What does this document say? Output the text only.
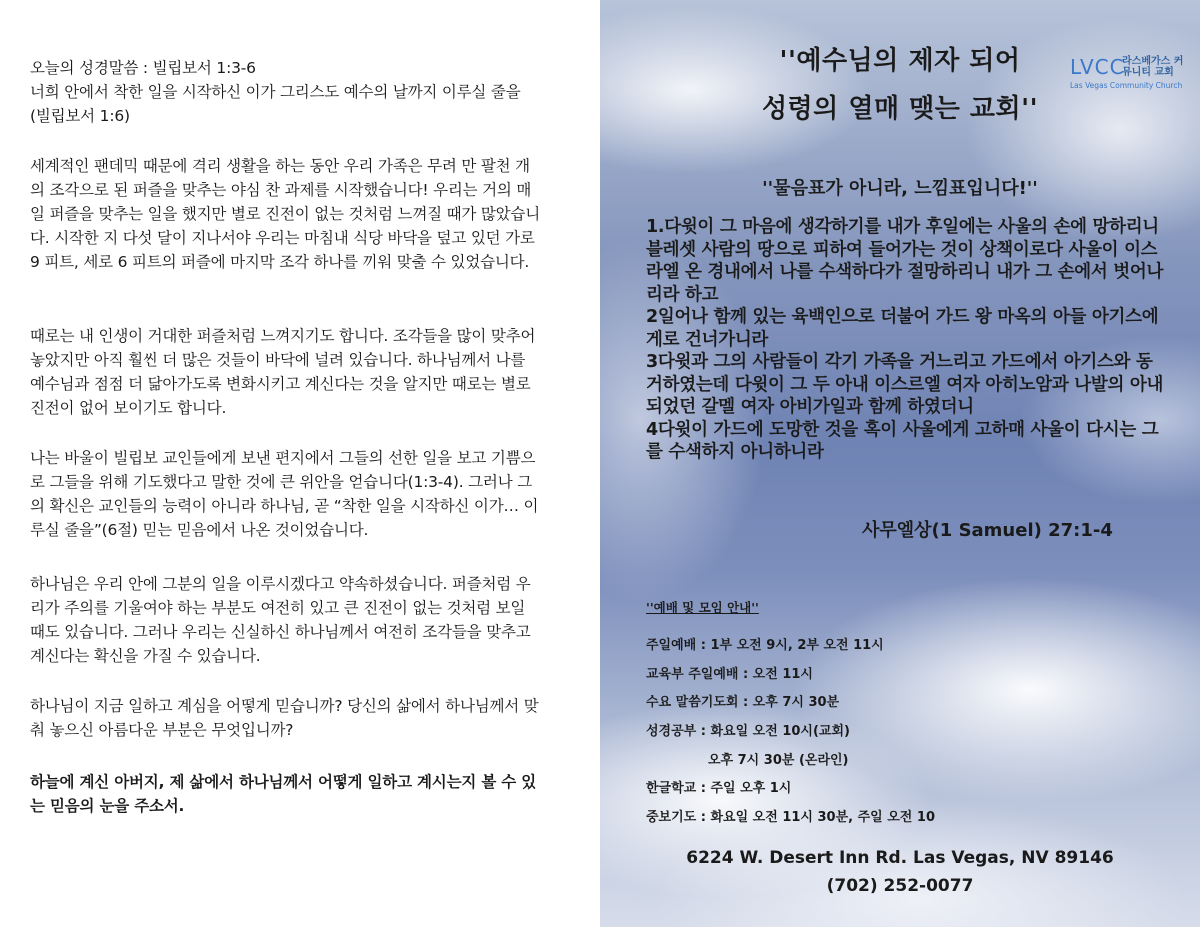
오늘의 성경말씀 : 빌립보서 1:3-6

너희 안에서 착한 일을 시작하신 이가 그리스도 예수의 날까지 이루실 줄을 (빌립보서 1:6)

세계적인 팬데믹 때문에 격리 생활을 하는 동안 우리 가족은 무려 만 팔천 개의 조각으로 된 퍼즐을 맞추는 야심 찬 과제를 시작했습니다! 우리는 거의 매일 퍼즐을 맞추는 일을 했지만 별로 진전이 없는 것처럼 느껴질 때가 많았습니다. 시작한 지 다섯 달이 지나서야 우리는 마침내 식당 바닥을 덮고 있던 가로 9 피트, 세로 6 피트의 퍼즐에 마지막 조각 하나를 끼워 맞출 수 있었습니다.

때로는 내 인생이 거대한 퍼즐처럼 느껴지기도 합니다. 조각들을 많이 맞추어 놓았지만 아직 훨씬 더 많은 것들이 바닥에 널려 있습니다. 하나님께서 나를 예수님과 점점 더 닮아가도록 변화시키고 계신다는 것을 알지만 때로는 별로 진전이 없어 보이기도 합니다.

나는 바울이 빌립보 교인들에게 보낸 편지에서 그들의 선한 일을 보고 기쁨으로 그들을 위해 기도했다고 말한 것에 큰 위안을 얻습니다(1:3-4). 그러나 그의 확신은 교인들의 능력이 아니라 하나님, 곧 “착한 일을 시작하신 이가… 이루실 줄을”(6절) 믿는 믿음에서 나온 것이었습니다.

하나님은 우리 안에 그분의 일을 이루시겠다고 약속하셨습니다. 퍼즐처럼 우리가 주의를 기울여야 하는 부분도 여전히 있고 큰 진전이 없는 것처럼 보일 때도 있습니다. 그러나 우리는 신실하신 하나님께서 여전히 조각들을 맞추고 계신다는 확신을 가질 수 있습니다.

하나님이 지금 일하고 계심을 어떻게 믿습니까? 당신의 삶에서 하나님께서 맞춰 놓으신 아름다운 부분은 무엇입니까?

하늘에 계신 아버지, 제 삶에서 하나님께서 어떻게 일하고 계시는지 볼 수 있는 믿음의 눈을 주소서.

''예수님의 제자 되어
성령의 열매 맺는 교회''
LVCC
라스베가스 커뮤니티 교회
Las Vegas Community Church
''물음표가 아니라, 느낌표입니다!''

1.다윗이 그 마음에 생각하기를 내가 후일에는 사울의 손에 망하리니 블레셋 사람의 땅으로 피하여 들어가는 것이 상책이로다 사울이 이스라엘 온 경내에서 나를 수색하다가 절망하리니 내가 그 손에서 벗어나리라 하고

2일어나 함께 있는 육백인으로 더불어 가드 왕 마옥의 아들 아기스에게로 건너가니라

3다윗과 그의 사람들이 각기 가족을 거느리고 가드에서 아기스와 동거하였는데 다윗이 그 두 아내 이스르엘 여자 아히노암과 나발의 아내 되었던 갈멜 여자 아비가일과 함께 하였더니

4다윗이 가드에 도망한 것을 혹이 사울에게 고하매 사울이 다시는 그를 수색하지 아니하니라

사무엘상(1 Samuel) 27:1-4
''예배 및 모임 안내''
주일예배 : 1부 오전 9시, 2부 오전 11시
교육부 주일예배 : 오전 11시
수요 말씀기도회 : 오후 7시 30분
성경공부 : 화요일 오전 10시(교회)
오후 7시 30분 (온라인)
한글학교 : 주일 오후 1시
중보기도 : 화요일 오전 11시 30분, 주일 오전 10
6224 W. Desert Inn Rd. Las Vegas, NV 89146
(702) 252-0077
